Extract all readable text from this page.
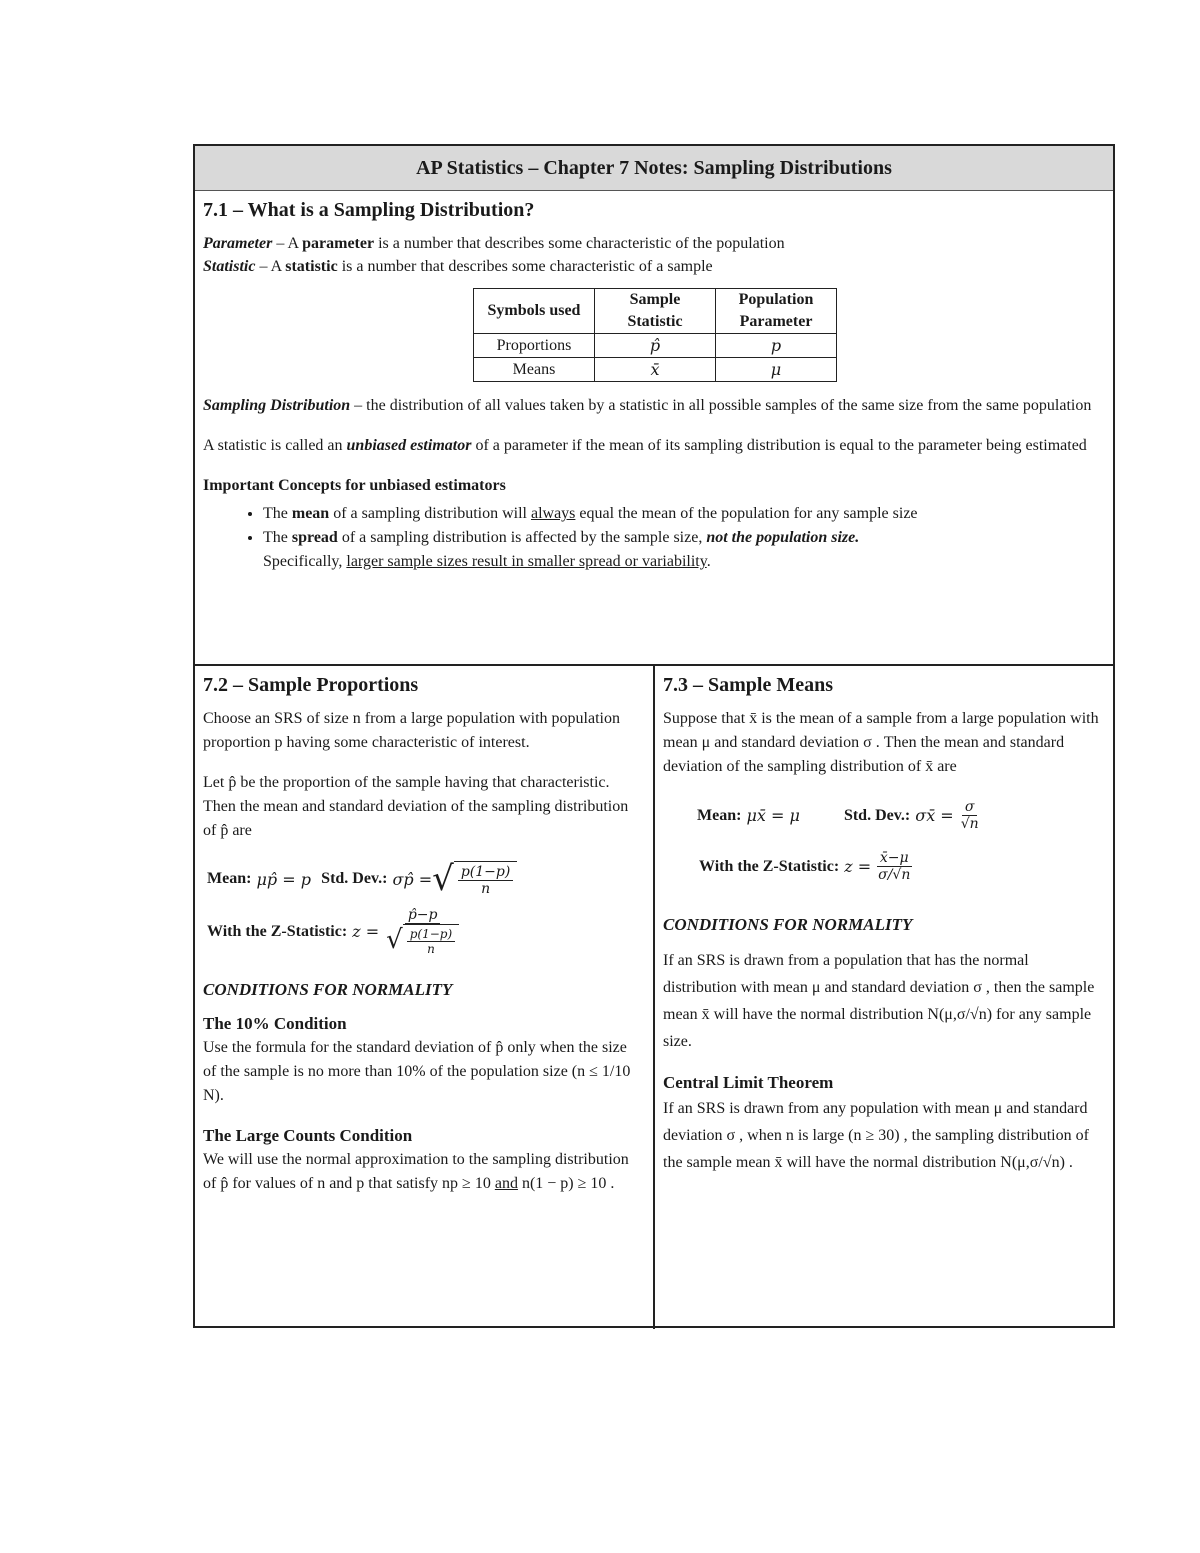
AP Statistics – Chapter 7 Notes: Sampling Distributions
7.1 – What is a Sampling Distribution?

Parameter – A parameter is a number that describes some characteristic of the population

Statistic – A statistic is a number that describes some characteristic of a sample

Symbols used	Sample Statistic	Population Parameter
Proportions	p̂	p
Means	x̄	μ

Sampling Distribution – the distribution of all values taken by a statistic in all possible samples of the same size from the same population

A statistic is called an unbiased estimator of a parameter if the mean of its sampling distribution is equal to the parameter being estimated

Important Concepts for unbiased estimators

• The mean of a sampling distribution will always equal the mean of the population for any sample size
• The spread of a sampling distribution is affected by the sample size, not the population size.
Specifically, larger sample sizes result in smaller spread or variability.
7.2 – Sample Proportions

Choose an SRS of size n from a large population with population proportion p having some characteristic of interest.

Let p̂ be the proportion of the sample having that characteristic. Then the mean and standard deviation of the sampling distribution of p̂ are

Mean:
μp̂ = p
Std. Dev.:
σp̂ = √ $\frac{p(1-p)}{n}$
With the Z-Statistic:
$z = \frac{p̂-p}{√ \frac{p(1-p)}{n}}$

CONDITIONS FOR NORMALITY

The 10% Condition

Use the formula for the standard deviation of p̂ only when the size of the sample is no more than 10% of the population size (n ≤ 1/10 N).

The Large Counts Condition

We will use the normal approximation to the sampling distribution of p̂ for values of n and p that satisfy np ≥ 10 and n(1 − p) ≥ 10 .

7.3 – Sample Means

Suppose that x̄ is the mean of a sample from a large population with mean μ and standard deviation σ . Then the mean and standard deviation of the sampling distribution of x̄ are

Mean:
μx̄ = μ	Std. Dev.:
σx̄ = $\frac{\sigma}{√n}$
With the Z-Statistic:
$z = \frac{x̄-\mu}{\sigma/√n}$

CONDITIONS FOR NORMALITY

If an SRS is drawn from a population that has the normal distribution with mean μ and standard deviation σ , then the sample mean x̄ will have the normal distribution N(μ,σ/√n) for any sample size.

Central Limit Theorem

If an SRS is drawn from any population with mean μ and standard deviation σ , when n is large (n ≥ 30) , the sampling distribution of the sample mean x̄ will have the normal distribution N(μ,σ/√n) .
